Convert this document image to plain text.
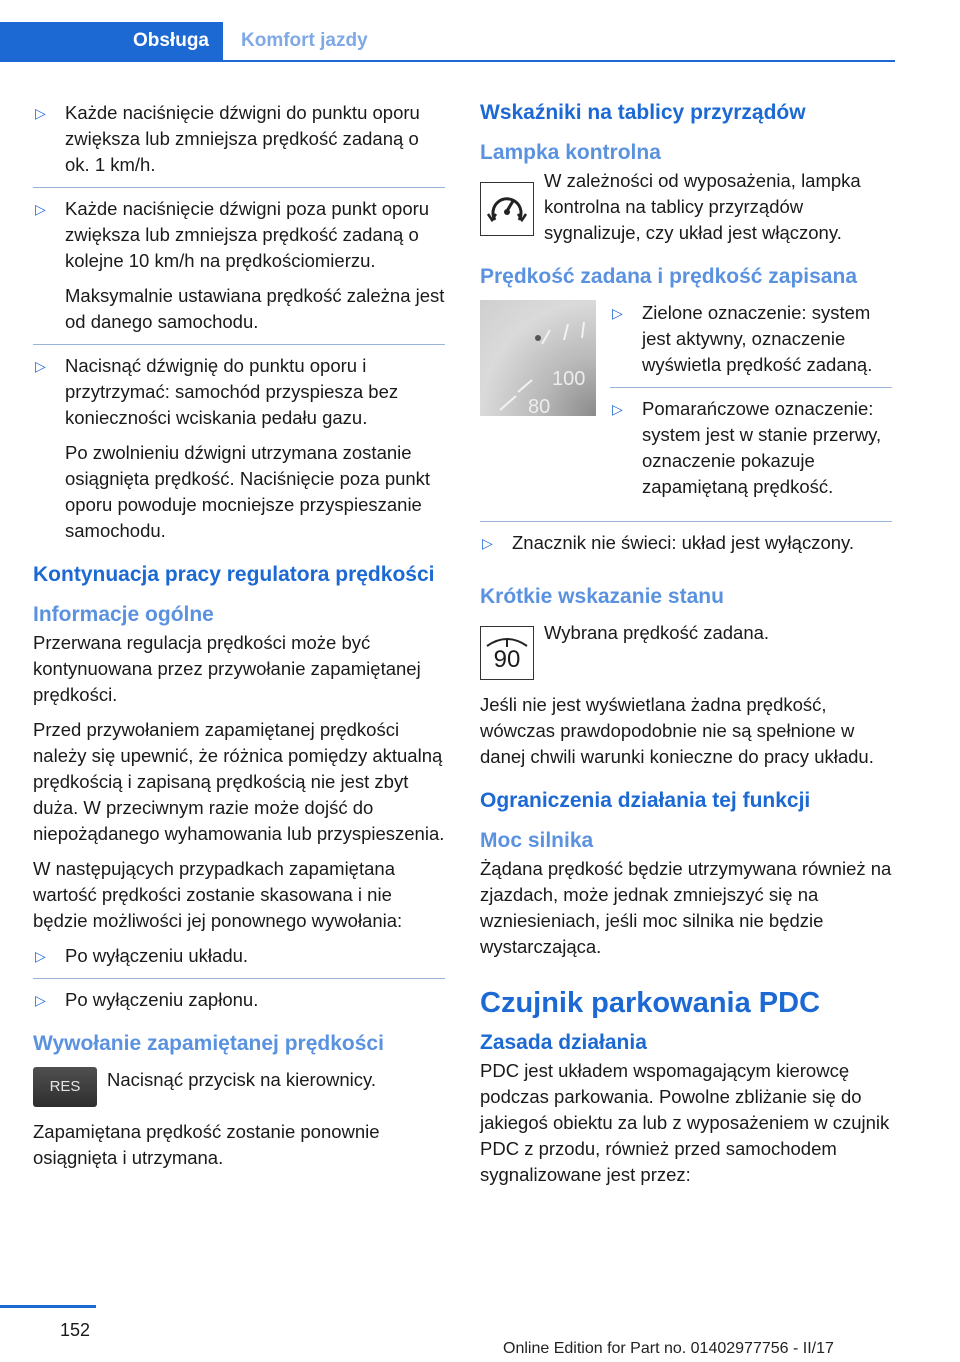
Obsługa	Komfort jazdy
▷ Każde naciśnięcie dźwigni do punktu oporu zwiększa lub zmniejsza prędkość zadaną o ok. 1 km/h.
▷ Każde naciśnięcie dźwigni poza punkt oporu zwiększa lub zmniejsza prędkość zadaną o kolejne 10 km/h na prędkościomierzu.
Maksymalnie ustawiana prędkość zależna jest od danego samochodu.
▷ Nacisnąć dźwignię do punktu oporu i przytrzymać: samochód przyspiesza bez konieczności wciskania pedału gazu.
Po zwolnieniu dźwigni utrzymana zostanie osiągnięta prędkość. Naciśnięcie poza punkt oporu powoduje mocniejsze przyspieszanie samochodu.
Kontynuacja pracy regulatora prędkości
Informacje ogólne
Przerwana regulacja prędkości może być kontynuowana przez przywołanie zapamiętanej prędkości.
Przed przywołaniem zapamiętanej prędkości należy się upewnić, że różnica pomiędzy aktualną prędkością i zapisaną prędkością nie jest zbyt duża. W przeciwnym razie może dojść do niepożądanego wyhamowania lub przyspieszenia.
W następujących przypadkach zapamiętana wartość prędkości zostanie skasowana i nie będzie możliwości jej ponownego wywołania:
▷ Po wyłączeniu układu.
▷ Po wyłączeniu zapłonu.
Wywołanie zapamiętanej prędkości
RES	Nacisnąć przycisk na kierownicy.
Zapamiętana prędkość zostanie ponownie osiągnięta i utrzymana.
Wskaźniki na tablicy przyrządów
Lampka kontrolna
W zależności od wyposażenia, lampka kontrolna na tablicy przyrządów sygnalizuje, czy układ jest włączony.
Prędkość zadana i prędkość zapisana
100
80
▷ Zielone oznaczenie: system jest aktywny, oznaczenie wyświetla prędkość zadaną.
▷ Pomarańczowe oznaczenie: system jest w stanie przerwy, oznaczenie pokazuje zapamiętaną prędkość.
▷ Znacznik nie świeci: układ jest wyłączony.
Krótkie wskazanie stanu
90
Wybrana prędkość zadana.
Jeśli nie jest wyświetlana żadna prędkość, wówczas prawdopodobnie nie są spełnione w danej chwili warunki konieczne do pracy układu.
Ograniczenia działania tej funkcji
Moc silnika
Żądana prędkość będzie utrzymywana również na zjazdach, może jednak zmniejszyć się na wzniesieniach, jeśli moc silnika nie będzie wystarczająca.
Czujnik parkowania PDC
Zasada działania
PDC jest układem wspomagającym kierowcę podczas parkowania. Powolne zbliżanie się do jakiegoś obiektu za lub z wyposażeniem w czujnik PDC z przodu, również przed samochodem sygnalizowane jest przez:
152
Online Edition for Part no. 01402977756 - II/17
